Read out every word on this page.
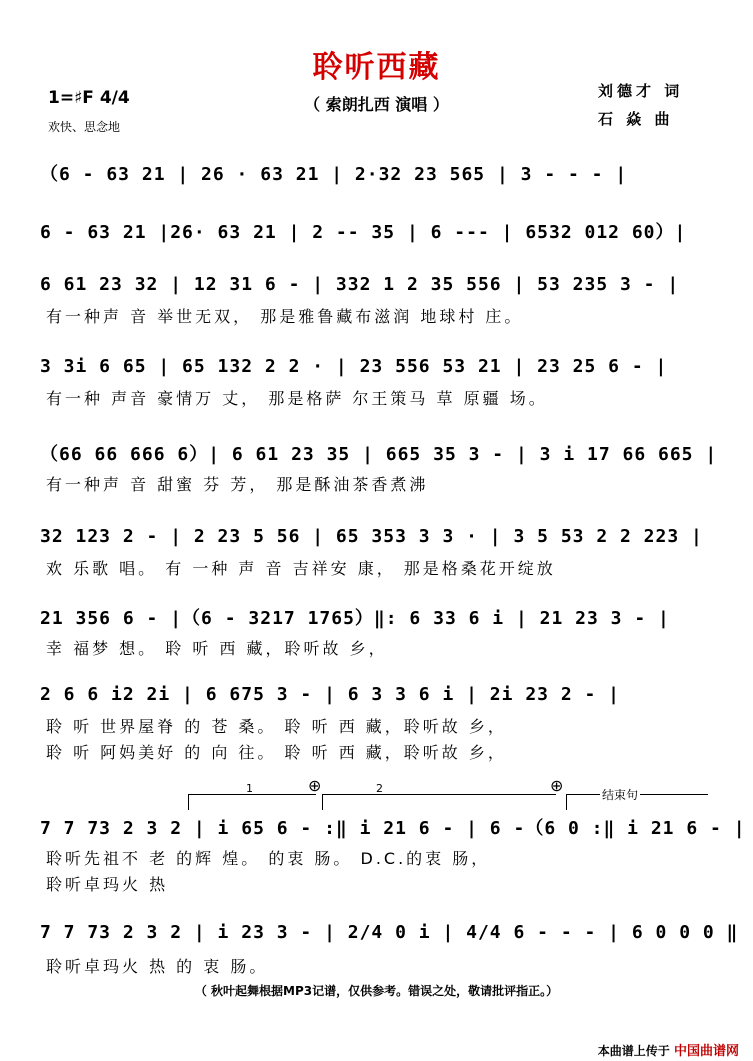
聆听西藏
（ 索朗扎西 演唱 ）
1=♯F 4/4
欢快、思念地
刘德才 词
石 焱 曲
（6 - 63 21 | 26 · 63 21 | 2·32 23 565 | 3 - - - |
6 - 63 21 |26· 63 21 | 2 -- 35 | 6 --- | 6532 012 60）|
6 61 23 32 | 12 31 6 - | 332 1 2 35 556 | 53 235 3 - |
有一种声 音 举世无双， 那是雅鲁藏布滋润 地球村 庄。
3 3i 6 65 | 65 132 2 2 · | 23 556 53 21 | 23 25 6 - |
有一种 声音 豪情万 丈， 那是格萨 尔王策马 草 原疆 场。
（66 66 666 6）| 6 61 23 35 | 665 35 3 - | 3 i 17 66 665 |
有一种声 音 甜蜜 芬 芳， 那是酥油茶香煮沸
32 123 2 - | 2 23 5 56 | 65 353 3 3 · | 3 5 53 2 2 223 |
欢 乐歌 唱。 有 一种 声 音 吉祥安 康， 那是格桑花开绽放
21 356 6 - |（6 - 3217 1765）‖: 6 33 6 i | 21 23 3 - |
幸 福梦 想。 聆 听 西 藏，聆听故 乡，
2 6 6 i2 2i | 6 675 3 - | 6 3 3 6 i | 2i 23 2 - |
聆 听 世界屋脊 的 苍 桑。 聆 听 西 藏，聆听故 乡，
聆 听 阿妈美好 的 向 往。 聆 听 西 藏，聆听故 乡，
1	⊕	2	⊕	结束句
7 7 73 2 3 2 | i 65 6 - :‖ i 21 6 - | 6 -（6 0 :‖ i 21 6 - |
聆听先祖不 老 的辉 煌。 的衷 肠。 D.C.的衷 肠，
聆听卓玛火 热
7 7 73 2 3 2 | i 23 3 - | 2/4 0 i | 4/4 6 - - - | 6 0 0 0 ‖
聆听卓玛火 热 的 衷 肠。
（ 秋叶起舞根据MP3记谱，仅供参考。错误之处，敬请批评指正。）
本曲谱上传于 中国曲谱网
